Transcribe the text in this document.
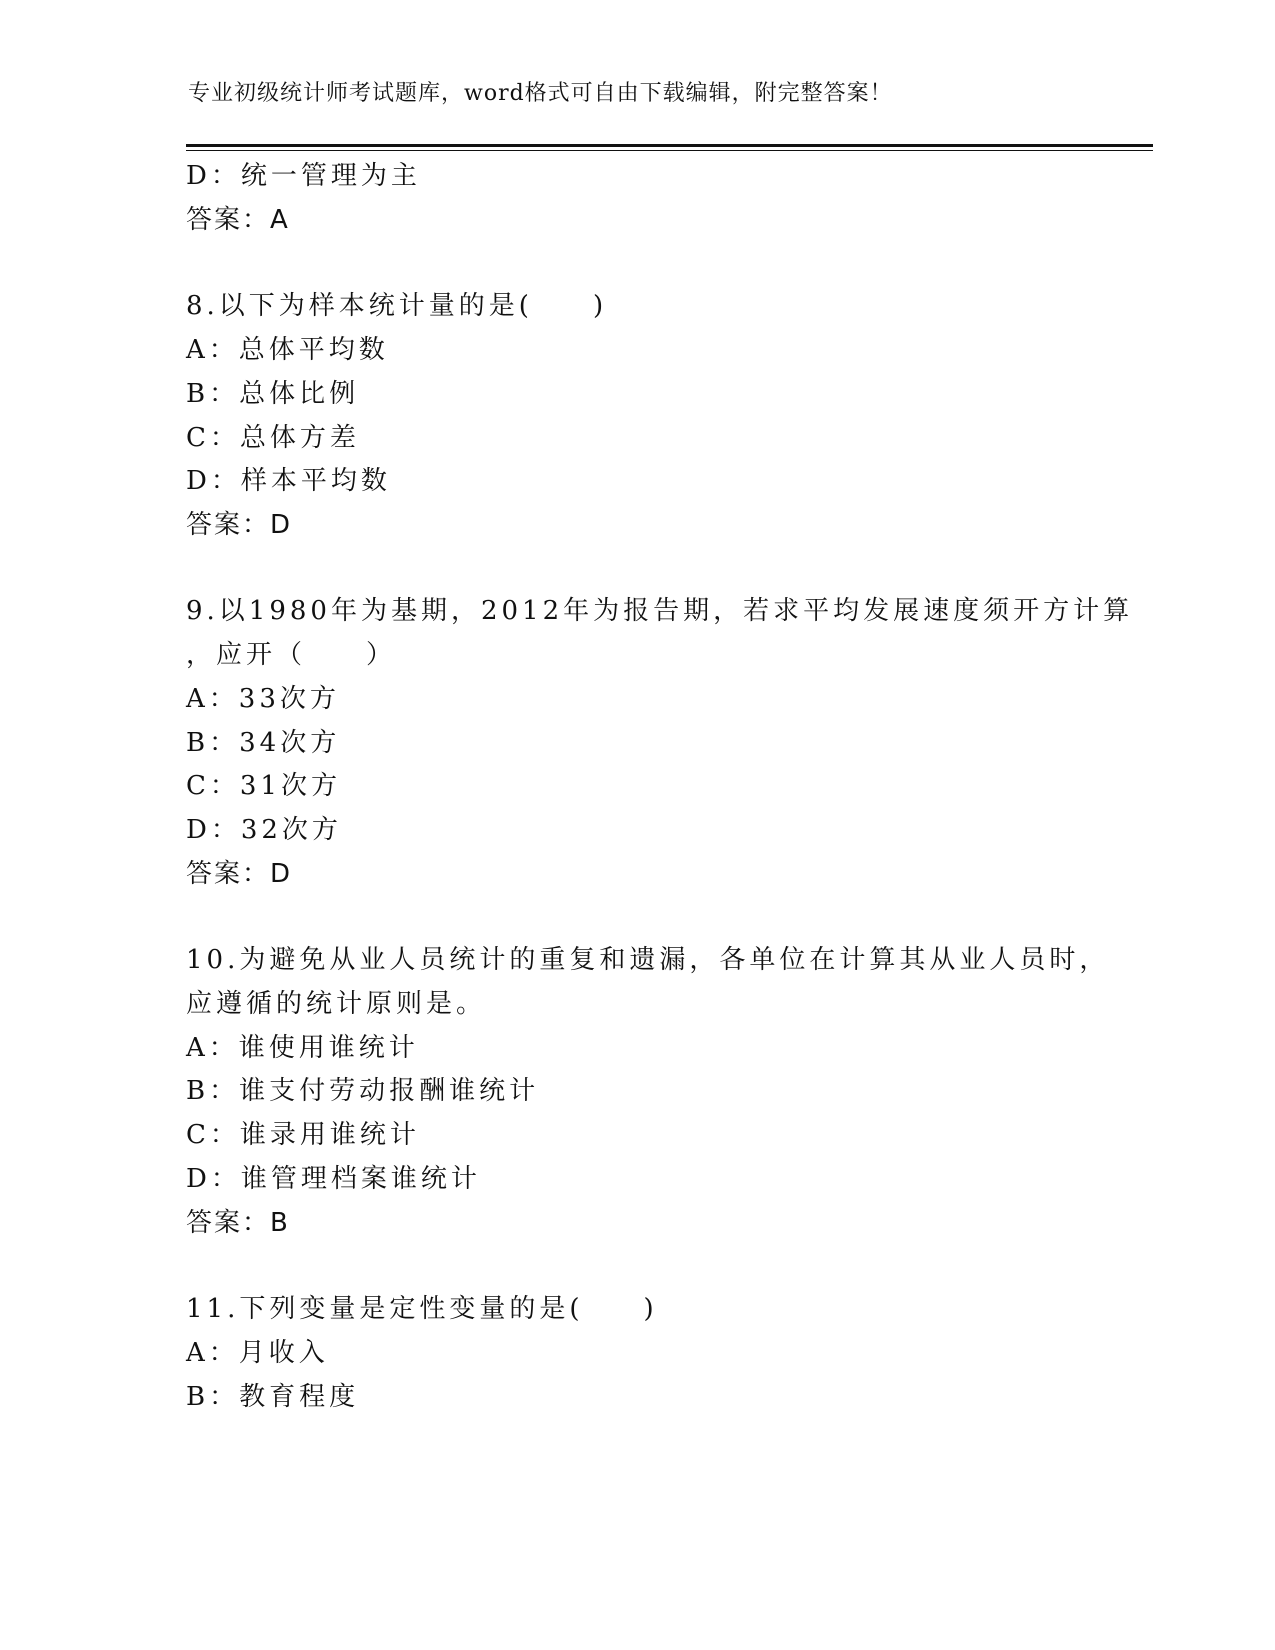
专业初级统计师考试题库，word格式可自由下载编辑，附完整答案！
D：统一管理为主
答案：A
8.以下为样本统计量的是(　　)
A：总体平均数
B：总体比例
C：总体方差
D：样本平均数
答案：D
9.以1980年为基期，2012年为报告期，若求平均发展速度须开方计算
，应开（　　）
A：33次方
B：34次方
C：31次方
D：32次方
答案：D
10.为避免从业人员统计的重复和遗漏，各单位在计算其从业人员时，
应遵循的统计原则是。
A：谁使用谁统计
B：谁支付劳动报酬谁统计
C：谁录用谁统计
D：谁管理档案谁统计
答案：B
11.下列变量是定性变量的是(　　)
A：月收入
B：教育程度
